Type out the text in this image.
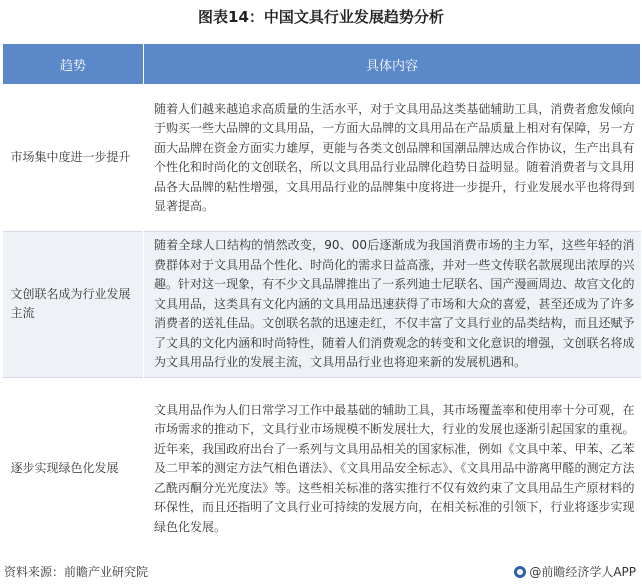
图表14：中国文具行业发展趋势分析
趋势	具体内容
市场集中度进一步提升	随着人们越来越追求高质量的生活水平，对于文具用品这类基础辅助工具，消费者愈发倾向于购买一些大品牌的文具用品，一方面大品牌的文具用品在产品质量上相对有保障，另一方面大品牌在资金方面实力雄厚，更能与各类文创品牌和国潮品牌达成合作协议，生产出具有个性化和时尚化的文创联名，所以文具用品行业品牌化趋势日益明显。随着消费者与文具用品各大品牌的粘性增强，文具用品行业的品牌集中度将进一步提升，行业发展水平也将得到显著提高。
文创联名成为行业发展主流	随着全球人口结构的悄然改变，90、00后逐渐成为我国消费市场的主力军，这些年轻的消费群体对于文具用品个性化、时尚化的需求日益高涨，并对一些文传联名款展现出浓厚的兴趣。针对这一现象，有不少文具品牌推出了一系列迪士尼联名、国产漫画周边、故宫文化的文具用品，这类具有文化内涵的文具用品迅速获得了市场和大众的喜爱，甚至还成为了许多消费者的送礼佳品。文创联名款的迅速走红，不仅丰富了文具行业的品类结构，而且还赋予了文具的文化内涵和时尚特性，随着人们消费观念的转变和文化意识的增强，文创联名将成为文具用品行业的发展主流，文具用品行业也将迎来新的发展机遇和。
逐步实现绿色化发展	文具用品作为人们日常学习工作中最基础的辅助工具，其市场覆盖率和使用率十分可观，在市场需求的推动下，文具行业市场规模不断发展壮大，行业的发展也逐渐引起国家的重视。近年来，我国政府出台了一系列与文具用品相关的国家标准，例如《文具中苯、甲苯、乙苯及二甲苯的测定方法气相色谱法》、《文具用品安全标志》、《文具用品中游离甲醛的测定方法乙酰丙酮分光光度法》等。这些相关标准的落实推行不仅有效约束了文具用品生产原材料的环保性，而且还指明了文具行业可持续的发展方向，在相关标准的引领下，行业将逐步实现绿色化发展。
资料来源：前瞻产业研究院	@前瞻经济学人APP
